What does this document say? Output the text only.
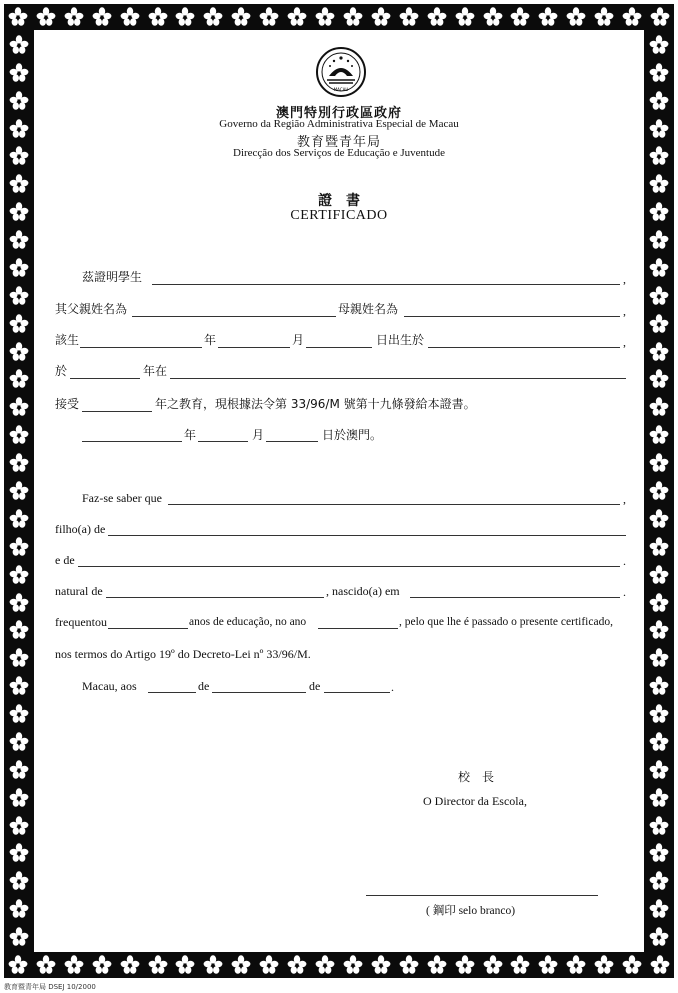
MACAU
澳門特別行政區政府
Governo da Região Administrativa Especial de Macau
教育暨青年局
Direcção dos Serviços de Educação e Juventude
證　書
CERTIFICADO
茲證明學生	,
其父親姓名為	母親姓名為	,
該生	年	月	日出生於	,
於	年在
接受	年之教育，現根據法令第 33/96/M 號第十九條發給本證書。
年	月	日於澳門。
Faz-se saber que	,
filho(a) de
e de	.
natural de	, nascido(a) em	.
frequentou	anos de educação, no ano	, pelo que lhe é passado o presente certificado,
nos termos do Artigo 19º do Decreto-Lei nº 33/96/M.
Macau, aos	de	de	.
校　長
O Director da Escola,
( 鋼印 selo branco)
教育暨青年局 DSEJ 10/2000
